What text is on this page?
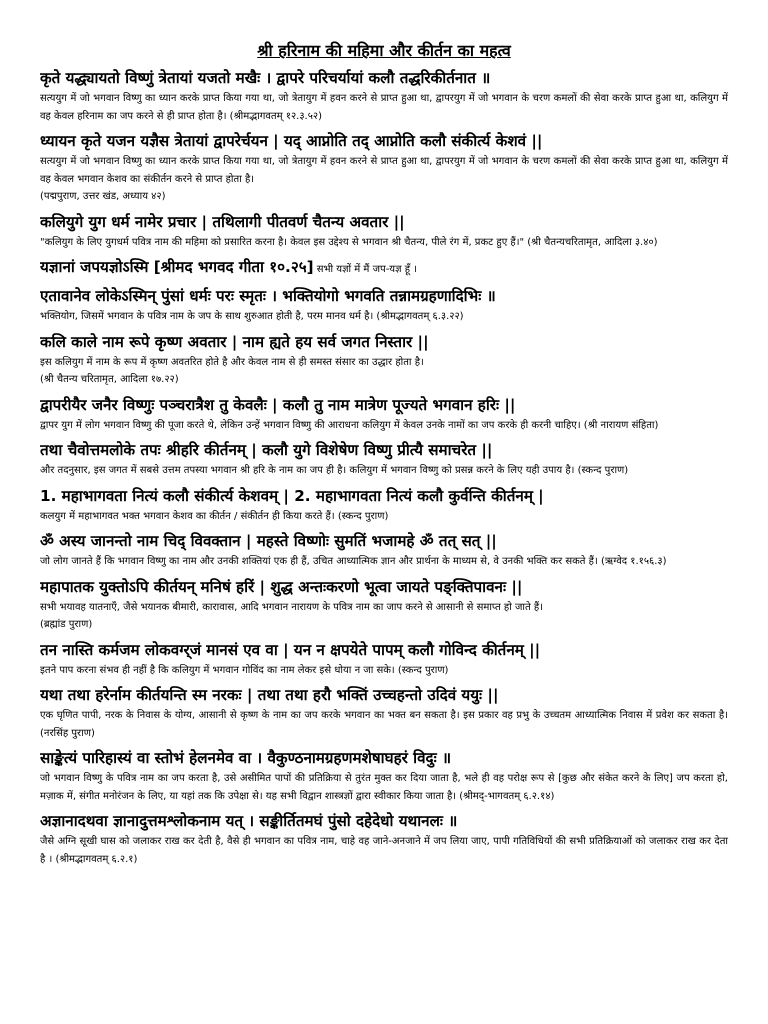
श्री हरिनाम की महिमा और कीर्तन का महत्व
कृते यद्ध्यायतो विष्णुं त्रेतायां यजतो मखैः । द्वापरे परिचर्यायां कलौ तद्धरिकीर्तनात ॥

सत्ययुग में जो भगवान विष्णु का ध्यान करके प्राप्त किया गया था, जो त्रेतायुग में हवन करने से प्राप्त हुआ था, द्वापरयुग में जो भगवान के चरण कमलों की सेवा करके प्राप्त हुआ था, कलियुग में वह केवल हरिनाम का जप करने से ही प्राप्त होता है। (श्रीमद्भागवतम् १२.३.५२)

ध्यायन कृते यजन यज्ञैस त्रेतायां द्वापरेर्चयन | यद् आप्नोति तद् आप्नोति कलौ संकीर्त्य केशवं ||

सत्ययुग में जो भगवान विष्णु का ध्यान करके प्राप्त किया गया था, जो त्रेतायुग में हवन करने से प्राप्त हुआ था, द्वापरयुग में जो भगवान के चरण कमलों की सेवा करके प्राप्त हुआ था, कलियुग में वह केवल भगवान केशव का संकीर्तन करने से प्राप्त होता है।

(पद्मपुराण, उत्तर खंड, अध्याय ४२)

कलियुगे युग धर्म नामेर प्रचार | तथिलागी पीतवर्ण चैतन्य अवतार ||

"कलियुग के लिए युगधर्म पवित्र नाम की महिमा को प्रसारित करना है। केवल इस उद्देश्य से भगवान श्री चैतन्य, पीले रंग में, प्रकट हुए हैं।" (श्री चैतन्यचरितामृत, आदिला ३.४०)

यज्ञानां जपयज्ञोऽस्मि [श्रीमद भगवद गीता १०.२५] सभी यज्ञों में मैं जप-यज्ञ हूँ ।
एतावानेव लोकेऽस्मिन् पुंसां धर्मः परः स्मृतः । भक्तियोगो भगवति तन्नामग्रहणादिभिः ॥

भक्तियोग, जिसमें भगवान के पवित्र नाम के जप के साथ शुरुआत होती है, परम मानव धर्म है। (श्रीमद्भागवतम् ६.३.२२)

कलि काले नाम रूपे कृष्ण अवतार | नाम ह्यते हय सर्व जगत निस्तार ||

इस कलियुग में नाम के रूप में कृष्ण अवतरित होते है और केवल नाम से ही समस्त संसार का उद्धार होता है।

(श्री चैतन्य चरितामृत, आदिला १७.२२)

द्वापरीयैर जनैर विष्णुः पञ्चरात्रैश तु केवलैः | कलौ तु नाम मात्रेण पूज्यते भगवान हरिः ||

द्वापर युग में लोग भगवान विष्णु की पूजा करते थे, लेकिन उन्हें भगवान विष्णु की आराधना कलियुग में केवल उनके नामों का जप करके ही करनी चाहिए। (श्री नारायण संहिता)

तथा चैवोत्तमलोके तपः श्रीहरि कीर्तनम् | कलौ युगे विशेषेण विष्णु प्रीत्यै समाचरेत ||

और तदनुसार, इस जगत में सबसे उत्तम तपस्या भगवान श्री हरि के नाम का जप ही है। कलियुग में भगवान विष्णु को प्रसन्न करने के लिए यही उपाय है। (स्कन्द पुराण)

1. महाभागवता नित्यं कलौ संकीर्त्य केशवम् | 2. महाभागवता नित्यं कलौ कुर्वन्ति कीर्तनम् |

कलयुग में महाभागवत भक्त भगवान केशव का कीर्तन / संकीर्तन ही किया करते हैं। (स्कन्द पुराण)

ॐ अस्य जानन्तो नाम चिद् विवक्तान | महस्ते विष्णोः सुमतिं भजामहे ॐ तत् सत् ||

जो लोग जानते हैं कि भगवान विष्णु का नाम और उनकी शक्तियां एक ही हैं, उचित आध्यात्मिक ज्ञान और प्रार्थना के माध्यम से, वे उनकी भक्ति कर सकते हैं। (ऋग्वेद १.१५६.३)

महापातक युक्तोऽपि कीर्तयन् मनिषं हरिं | शुद्ध अन्तःकरणो भूत्वा जायते पङ्क्तिपावनः ||

सभी भयावह यातनाएँ, जैसे भयानक बीमारी, कारावास, आदि भगवान नारायण के पवित्र नाम का जाप करने से आसानी से समाप्त हो जाते हैं।

(ब्रह्मांड पुराण)

तन नास्ति कर्मजम लोकवग्‍र्जं मानसं एव वा | यन न क्षपयेते पापम् कलौ गोविन्द कीर्तनम् ||

इतने पाप करना संभव ही नहीं है कि कलियुग में भगवान गोविंद का नाम लेकर इसे धोया न जा सके। (स्कन्द पुराण)

यथा तथा हरेर्नाम कीर्तयन्ति स्म नरकः | तथा तथा हरौ भक्तिं उच्चहन्तो उदिवं ययुः ||

एक घृणित पापी, नरक के निवास के योग्य, आसानी से कृष्ण के नाम का जप करके भगवान का भक्त बन सकता है। इस प्रकार वह प्रभु के उच्चतम आध्यात्मिक निवास में प्रवेश कर सकता है। (नरसिंह पुराण)

साङ्केत्यं पारिहास्यं वा स्तोभं हेलनमेव वा । वैकुण्ठनामग्रहणमशेषाघहरं विदुः ॥

जो भगवान विष्णु के पवित्र नाम का जप करता है, उसे असीमित पापों की प्रतिक्रिया से तुरंत मुक्त कर दिया जाता है, भले ही वह परोक्ष रूप से [कुछ और संकेत करने के लिए] जप करता हो, मज़ाक में, संगीत मनोरंजन के लिए, या यहां तक कि उपेक्षा से। यह सभी विद्वान शास्त्रज्ञों द्वारा स्वीकार किया जाता है। (श्रीमद्-भागवतम् ६.२.१४)

अज्ञानादथवा ज्ञानादुत्तमश्लोकनाम यत् । सङ्कीर्तितमघं पुंसो दहेदेधो यथानलः ॥

जैसे अग्नि सूखी घास को जलाकर राख कर देती है, वैसे ही भगवान का पवित्र नाम, चाहे वह जाने-अनजाने में जप लिया जाए, पापी गतिविधियों की सभी प्रतिक्रियाओं को जलाकर राख कर देता है । (श्रीमद्भागवतम् ६.२.१)
